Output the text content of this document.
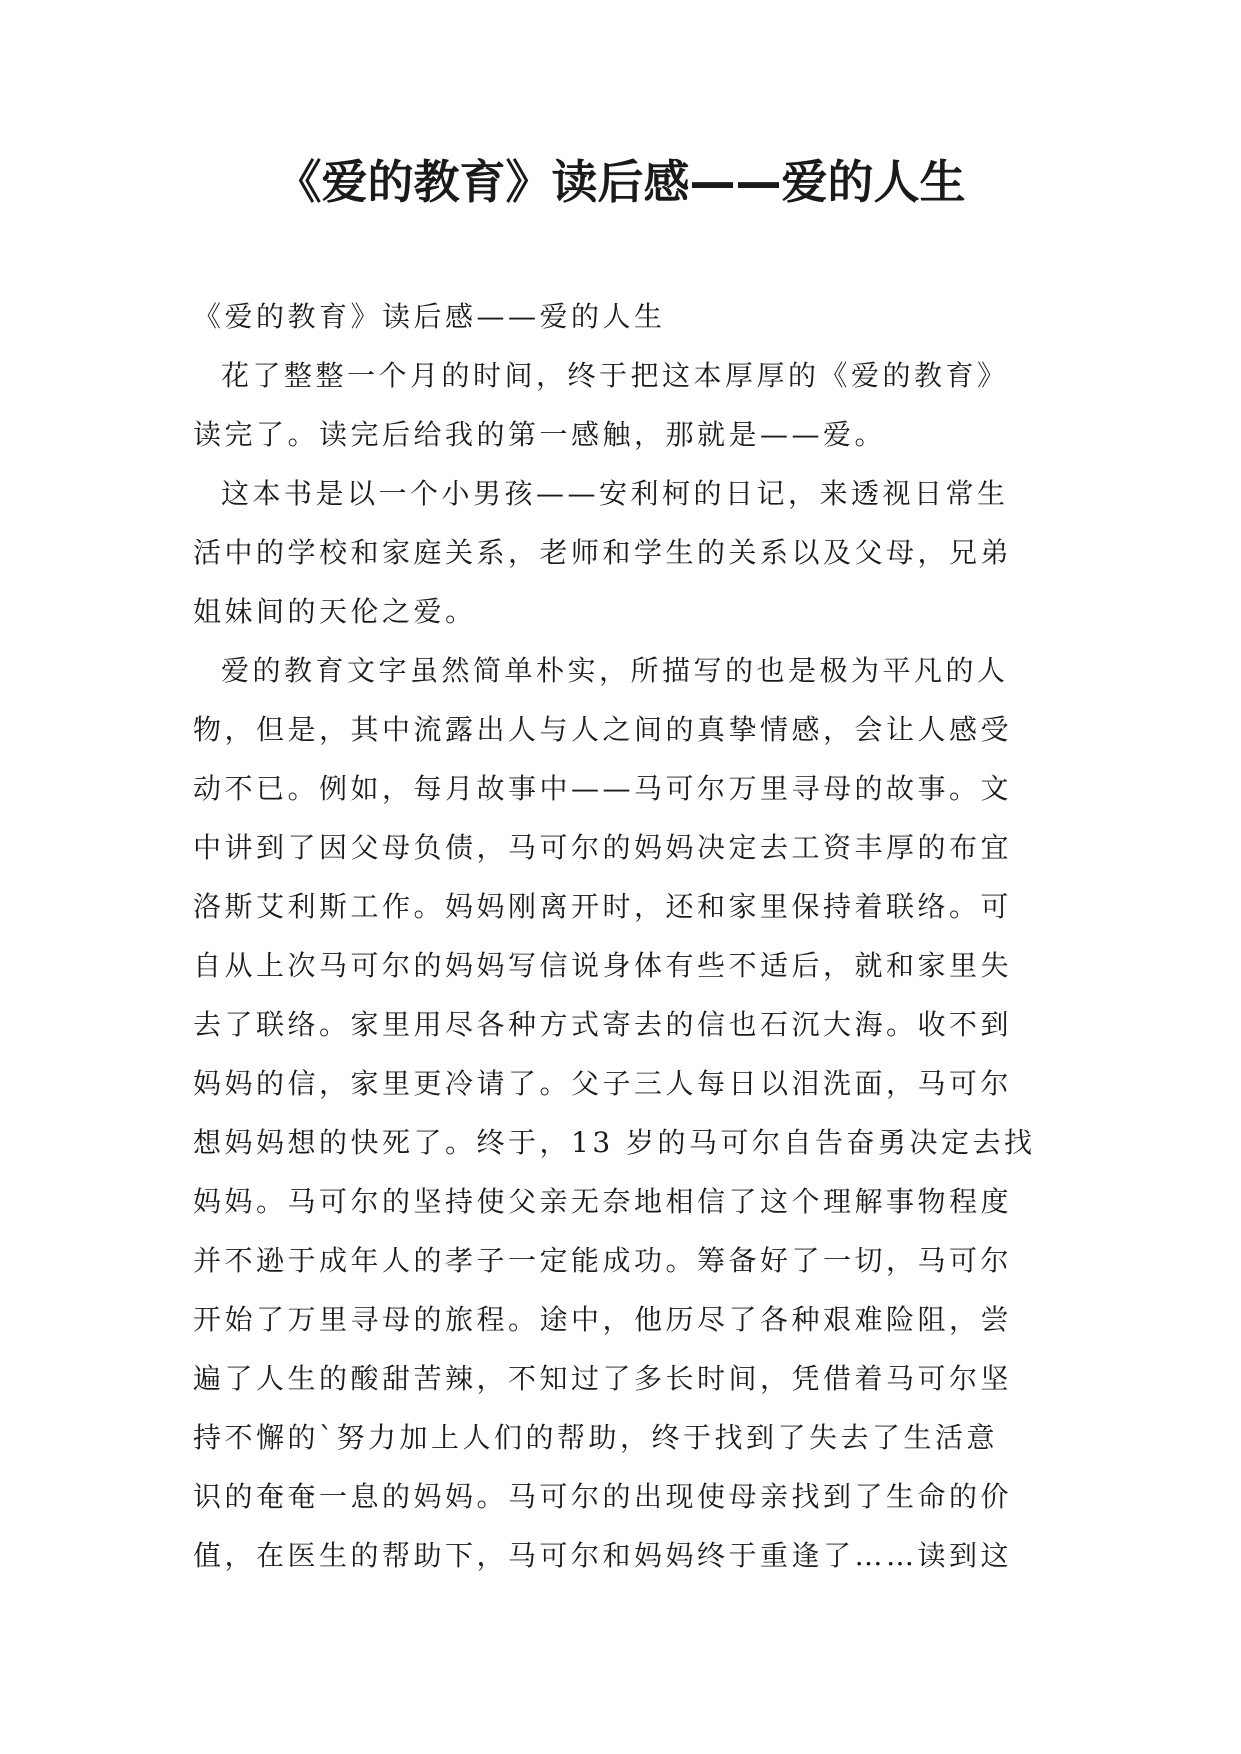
《爱的教育》读后感——爱的人生
《爱的教育》读后感——爱的人生
花了整整一个月的时间，终于把这本厚厚的《爱的教育》
读完了。读完后给我的第一感触，那就是——爱。
这本书是以一个小男孩——安利柯的日记，来透视日常生
活中的学校和家庭关系，老师和学生的关系以及父母，兄弟
姐妹间的天伦之爱。
爱的教育文字虽然简单朴实，所描写的也是极为平凡的人
物，但是，其中流露出人与人之间的真挚情感，会让人感受
动不已。例如，每月故事中——马可尔万里寻母的故事。文
中讲到了因父母负债，马可尔的妈妈决定去工资丰厚的布宜
洛斯艾利斯工作。妈妈刚离开时，还和家里保持着联络。可
自从上次马可尔的妈妈写信说身体有些不适后，就和家里失
去了联络。家里用尽各种方式寄去的信也石沉大海。收不到
妈妈的信，家里更冷请了。父子三人每日以泪洗面，马可尔
想妈妈想的快死了。终于，13 岁的马可尔自告奋勇决定去找
妈妈。马可尔的坚持使父亲无奈地相信了这个理解事物程度
并不逊于成年人的孝子一定能成功。筹备好了一切，马可尔
开始了万里寻母的旅程。途中，他历尽了各种艰难险阻，尝
遍了人生的酸甜苦辣，不知过了多长时间，凭借着马可尔坚
持不懈的`努力加上人们的帮助，终于找到了失去了生活意
识的奄奄一息的妈妈。马可尔的出现使母亲找到了生命的价
值，在医生的帮助下，马可尔和妈妈终于重逢了……读到这
